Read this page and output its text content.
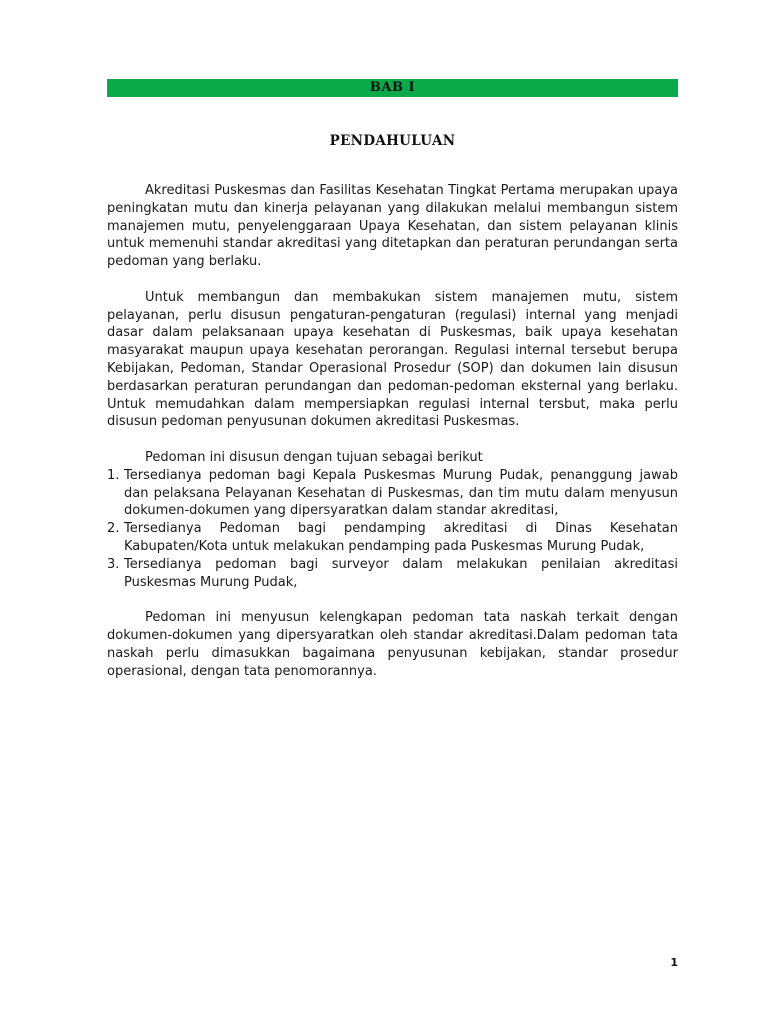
BAB I
PENDAHULUAN

Akreditasi Puskesmas dan Fasilitas Kesehatan Tingkat Pertama merupakan upaya peningkatan mutu dan kinerja pelayanan yang dilakukan melalui membangun sistem manajemen mutu, penyelenggaraan Upaya Kesehatan, dan sistem pelayanan klinis untuk memenuhi standar akreditasi yang ditetapkan dan peraturan perundangan serta pedoman yang berlaku.

Untuk membangun dan membakukan sistem manajemen mutu, sistem pelayanan, perlu disusun pengaturan-pengaturan (regulasi) internal yang menjadi dasar dalam pelaksanaan upaya kesehatan di Puskesmas, baik upaya kesehatan masyarakat maupun upaya kesehatan perorangan. Regulasi internal tersebut berupa Kebijakan, Pedoman, Standar Operasional Prosedur (SOP) dan dokumen lain disusun berdasarkan peraturan perundangan dan pedoman-pedoman eksternal yang berlaku. Untuk memudahkan dalam mempersiapkan regulasi internal tersbut, maka perlu disusun pedoman penyusunan dokumen akreditasi Puskesmas.

Pedoman ini disusun dengan tujuan sebagai berikut

1. Tersedianya pedoman bagi Kepala Puskesmas Murung Pudak, penanggung jawab dan pelaksana Pelayanan Kesehatan di Puskesmas, dan tim mutu dalam menyusun dokumen-dokumen yang dipersyaratkan dalam standar akreditasi,
2. Tersedianya Pedoman bagi pendamping akreditasi di Dinas Kesehatan Kabupaten/Kota untuk melakukan pendamping pada Puskesmas Murung Pudak,
3. Tersedianya pedoman bagi surveyor dalam melakukan penilaian akreditasi Puskesmas Murung Pudak,

Pedoman ini menyusun kelengkapan pedoman tata naskah terkait dengan dokumen-dokumen yang dipersyaratkan oleh standar akreditasi.Dalam pedoman tata naskah perlu dimasukkan bagaimana penyusunan kebijakan, standar prosedur operasional, dengan tata penomorannya.

1
